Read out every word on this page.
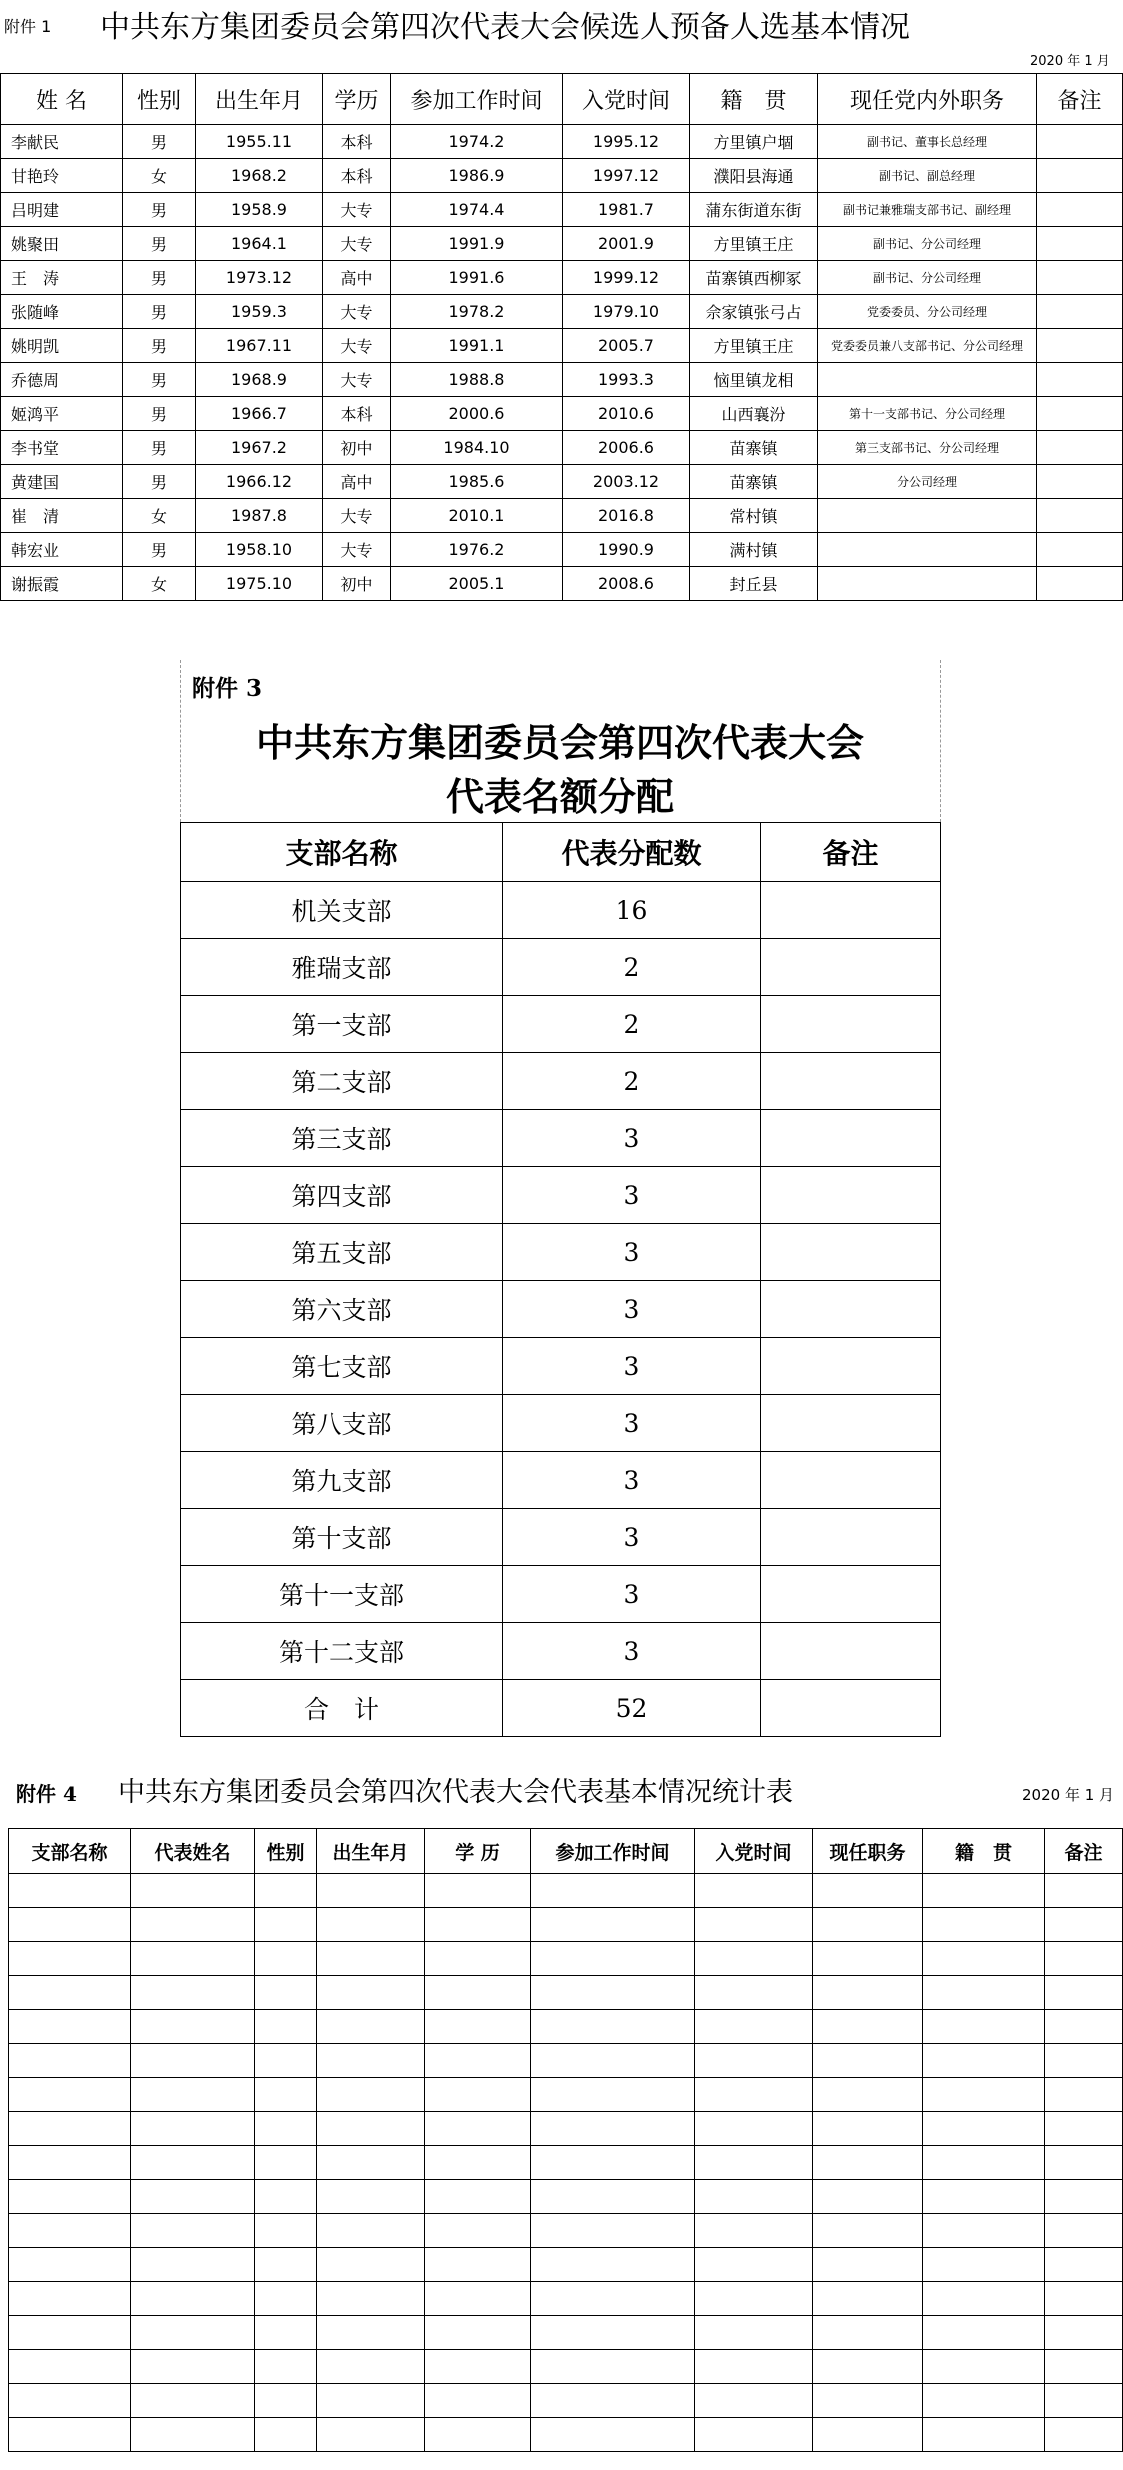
附件 1 中共东方集团委员会第四次代表大会候选人预备人选基本情况
2020 年 1 月
姓 名	性别	出生年月	学历	参加工作时间	入党时间	籍　贯	现任党内外职务	备注
李献民	男	1955.11	本科	1974.2	1995.12	方里镇户堌	副书记、董事长总经理	
甘艳玲	女	1968.2	本科	1986.9	1997.12	濮阳县海通	副书记、副总经理	
吕明建	男	1958.9	大专	1974.4	1981.7	蒲东街道东街	副书记兼雅瑞支部书记、副经理	
姚聚田	男	1964.1	大专	1991.9	2001.9	方里镇王庄	副书记、分公司经理	
王　涛	男	1973.12	高中	1991.6	1999.12	苗寨镇西柳冢	副书记、分公司经理	
张随峰	男	1959.3	大专	1978.2	1979.10	佘家镇张弓占	党委委员、分公司经理	
姚明凯	男	1967.11	大专	1991.1	2005.7	方里镇王庄	党委委员兼八支部书记、分公司经理	
乔德周	男	1968.9	大专	1988.8	1993.3	恼里镇龙相		
姬鸿平	男	1966.7	本科	2000.6	2010.6	山西襄汾	第十一支部书记、分公司经理	
李书堂	男	1967.2	初中	1984.10	2006.6	苗寨镇	第三支部书记、分公司经理	
黄建国	男	1966.12	高中	1985.6	2003.12	苗寨镇	分公司经理	
崔　清	女	1987.8	大专	2010.1	2016.8	常村镇		
韩宏业	男	1958.10	大专	1976.2	1990.9	满村镇		
谢振霞	女	1975.10	初中	2005.1	2008.6	封丘县		
附件 3
中共东方集团委员会第四次代表大会
代表名额分配
支部名称	代表分配数	备注
机关支部	16	
雅瑞支部	2	
第一支部	2	
第二支部	2	
第三支部	3	
第四支部	3	
第五支部	3	
第六支部	3	
第七支部	3	
第八支部	3	
第九支部	3	
第十支部	3	
第十一支部	3	
第十二支部	3	
合　计	52	
附件 4 中共东方集团委员会第四次代表大会代表基本情况统计表	2020 年 1 月
支部名称	代表姓名	性别	出生年月	学 历	参加工作时间	入党时间	现任职务	籍　贯	备注
